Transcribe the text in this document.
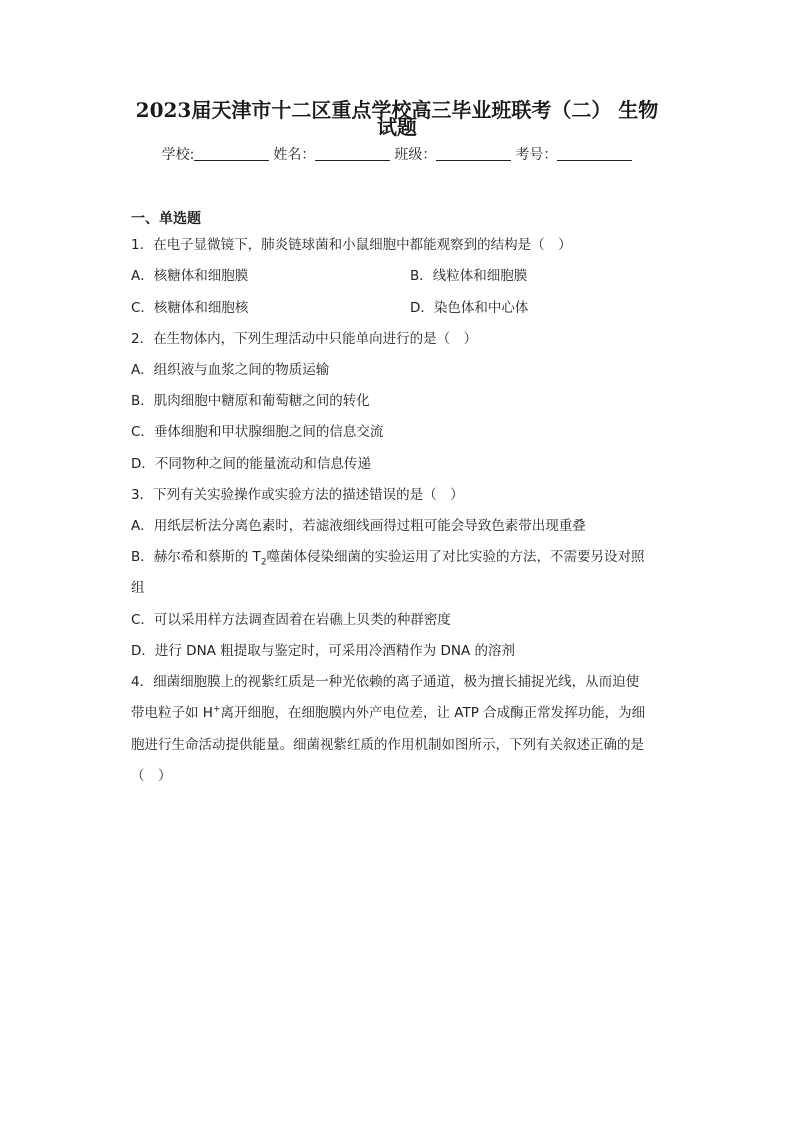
2023届天津市十二区重点学校高三毕业班联考（二） 生物
试题
学校:	姓名：	班级：	考号：
一、单选题
1．在电子显微镜下，肺炎链球菌和小鼠细胞中都能观察到的结构是（　）
A．核糖体和细胞膜	B．线粒体和细胞膜
C．核糖体和细胞核	D．染色体和中心体
2．在生物体内，下列生理活动中只能单向进行的是（　）
A．组织液与血浆之间的物质运输
B．肌肉细胞中糖原和葡萄糖之间的转化
C．垂体细胞和甲状腺细胞之间的信息交流
D．不同物种之间的能量流动和信息传递
3．下列有关实验操作或实验方法的描述错误的是（　）
A．用纸层析法分离色素时，若滤液细线画得过粗可能会导致色素带出现重叠
B．赫尔希和蔡斯的 $T_2$噬菌体侵染细菌的实验运用了对比实验的方法，不需要另设对照
组
C．可以采用样方法调查固着在岩礁上贝类的种群密度
D．进行 DNA 粗提取与鉴定时，可采用冷酒精作为 DNA 的溶剂
4．细菌细胞膜上的视紫红质是一种光依赖的离子通道，极为擅长捕捉光线，从而迫使
带电粒子如 H+离开细胞，在细胞膜内外产电位差，让 ATP 合成酶正常发挥功能，为细
胞进行生命活动提供能量。细菌视紫红质的作用机制如图所示，下列有关叙述正确的是
（　）
